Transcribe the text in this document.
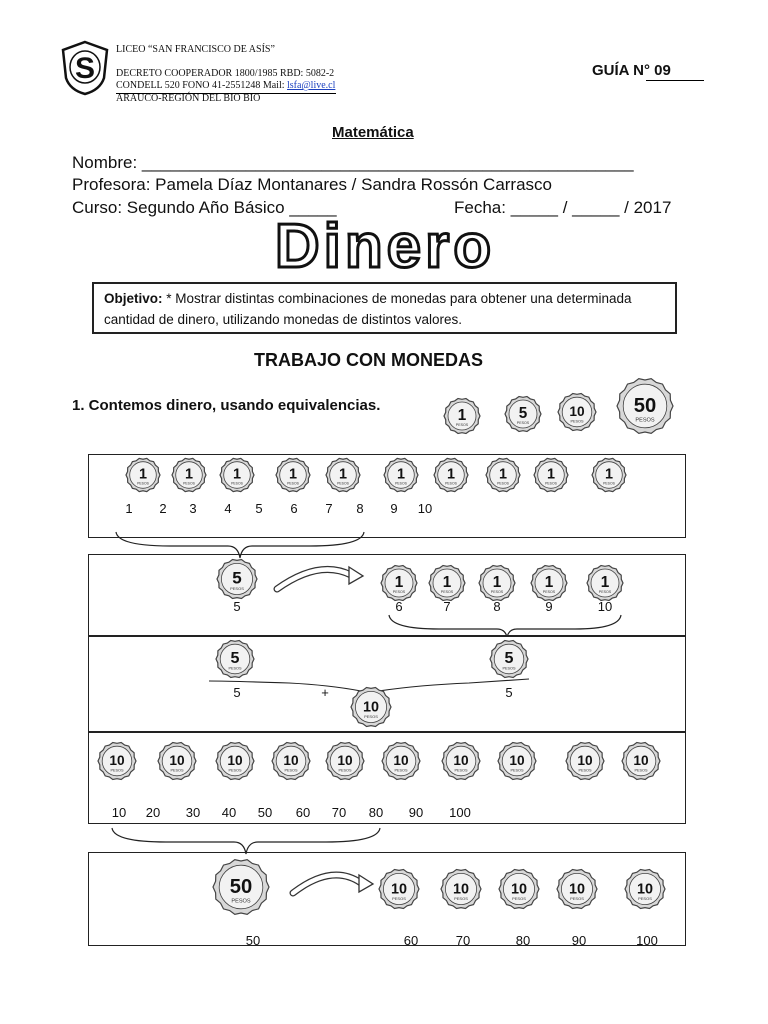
S
LICEO “SAN FRANCISCO DE ASÍS”
DECRETO COOPERADOR 1800/1985 RBD: 5082-2
CONDELL 520 FONO 41-2551248 Mail: lsfa@live.cl
ARAUCO-REGIÓN DEL BIO BIO
GUÍA N° 09
Matemática
Nombre: ____________________________________________________
Profesora: Pamela Díaz Montanares / Sandra Rossón Carrasco
Curso: Segundo Año Básico _____	Fecha: _____ / _____ / 2017
Dinero
Objetivo: * Mostrar distintas combinaciones de monedas para obtener una determinada cantidad de dinero, utilizando monedas de distintos valores.
TRABAJO CON MONEDAS
1. Contemos dinero, usando equivalencias.
1
PESOS
5
PESOS
10
PESOS
50
PESOS
1
PESOS
1
PESOS
1
PESOS
1
PESOS
1
PESOS
1
PESOS
1
PESOS
1
PESOS
1
PESOS
1
PESOS
1 2 3 4 5 6 7 8 9 10
5
PESOS
5
1
PESOS
1
PESOS
1
PESOS
1
PESOS
1
PESOS
6	7	8	9	10
5
PESOS
5
PESOS
5	+	5
10
PESOS
10
PESOS
10
PESOS
10
PESOS
10
PESOS
10
PESOS
10
PESOS
10
PESOS
10
PESOS
10
PESOS
10
PESOS
10 20 30 40 50 60 70 80 90 100
50
PESOS
50
10
PESOS
10
PESOS
10
PESOS
10
PESOS
10
PESOS
60	70	80	90	100
